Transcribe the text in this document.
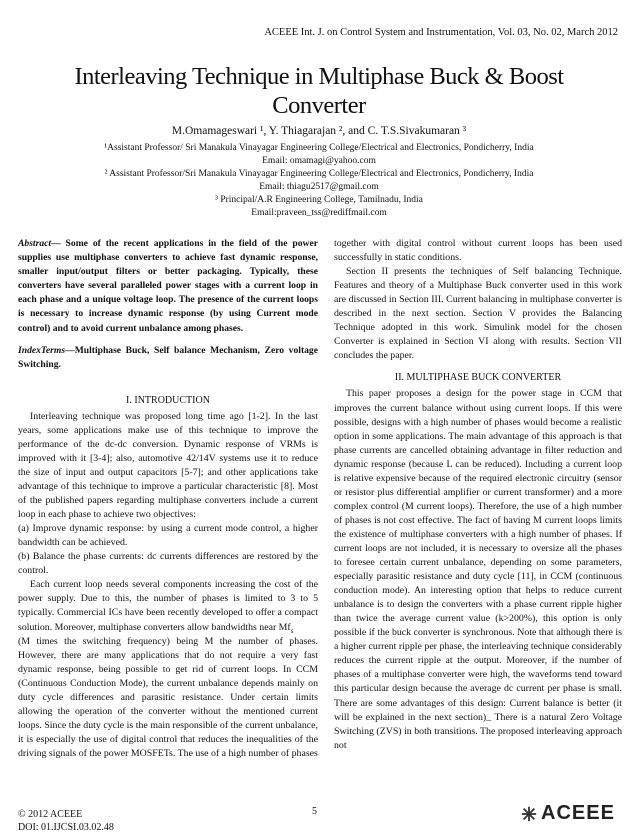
ACEEE Int. J. on Control System and Instrumentation, Vol. 03, No. 02, March 2012
Interleaving Technique in Multiphase Buck & Boost
Converter
M.Omamageswari ¹, Y. Thiagarajan ², and C. T.S.Sivakumaran ³
¹Assistant Professor/ Sri Manakula Vinayagar Engineering College/Electrical and Electronics, Pondicherry, India
Email: omamagi@yahoo.com
² Assistant Professor/Sri Manakula Vinayagar Engineering College/Electrical and Electronics, Pondicherry, India
Email: thiagu2517@gmail.com
³ Principal/A.R Engineering College, Tamilnadu, India
Email:praveen_tss@rediffmail.com

Abstract— Some of the recent applications in the field of the power supplies use multiphase converters to achieve fast dynamic response, smaller input/output filters or better packaging. Typically, these converters have several paralleled power stages with a current loop in each phase and a unique voltage loop. The presence of the current loops is necessary to increase dynamic response (by using Current mode control) and to avoid current unbalance among phases.

IndexTerms—Multiphase Buck, Self balance Mechanism, Zero voltage Switching.

I. INTRODUCTION

Interleaving technique was proposed long time ago [1-2]. In the last years, some applications make use of this technique to improve the performance of the dc-dc conversion. Dynamic response of VRMs is improved with it [3-4]; also, automotive 42/14V systems use it to reduce the size of input and output capacitors [5-7]; and other applications take advantage of this technique to improve a particular characteristic [8]. Most of the published papers regarding multiphase converters include a current loop in each phase to achieve two objectives:

(a) Improve dynamic response: by using a current mode control, a higher bandwidth can be achieved.

(b) Balance the phase currents: dc currents differences are restored by the control.

Each current loop needs several components increasing the cost of the power supply. Due to this, the number of phases is limited to 3 to 5 typically. Commercial ICs have been recently developed to offer a compact solution. Moreover, multiphase converters allow bandwidths near $Mf_s$

(M times the switching frequency) being M the number of phases. However, there are many applications that do not require a very fast dynamic response, being possible to get rid of current loops. In CCM (Continuous Conduction Mode), the current unbalance depends mainly on duty cycle differences and parasitic resistance. Under certain limits allowing the operation of the converter without the mentioned current loops. Since the duty cycle is the main responsible of the current unbalance, it is especially the use of digital control that reduces the inequalities of the driving signals of the power MOSFETs. The use of a high number of phases

together with digital control without current loops has been used successfully in static conditions.

Section II presents the techniques of Self balancing Technique. Features and theory of a Multiphase Buck converter used in this work are discussed in Section III. Current balancing in multiphase converter is described in the next section. Section V provides the Balancing Technique adopted in this work. Simulink model for the chosen Converter is explained in Section VI along with results. Section VII concludes the paper.

II. MULTIPHASE BUCK CONVERTER

This paper proposes a design for the power stage in CCM that improves the current balance without using current loops. If this were possible, designs with a high number of phases would become a realistic option in some applications. The main advantage of this approach is that phase currents are cancelled obtaining advantage in filter reduction and dynamic response (because L can be reduced). Including a current loop is relative expensive because of the required electronic circuitry (sensor or resistor plus differential amplifier or current transformer) and a more complex control (M current loops). Therefore, the use of a high number of phases is not cost effective. The fact of having M current loops limits the existence of multiphase converters with a high number of phases. If current loops are not included, it is necessary to oversize all the phases to foresee certain current unbalance, depending on some parameters, especially parasitic resistance and duty cycle [11], in CCM (continuous conduction mode). An interesting option that helps to reduce current unbalance is to design the converters with a phase current ripple higher than twice the average current value (k>200%), this option is only possible if the buck converter is synchronous. Note that although there is a higher current ripple per phase, the interleaving technique considerably reduces the current ripple at the output. Moreover, if the number of phases of a multiphase converter were high, the waveforms tend toward this particular design because the average dc current per phase is small. There are some advantages of this design: Current balance is better (it will be explained in the next section)_ There is a natural Zero Voltage Switching (ZVS) in both transitions. The proposed interleaving approach not

5
© 2012 ACEEE
DOI: 01.IJCSI.03.02.48
ACEEE
